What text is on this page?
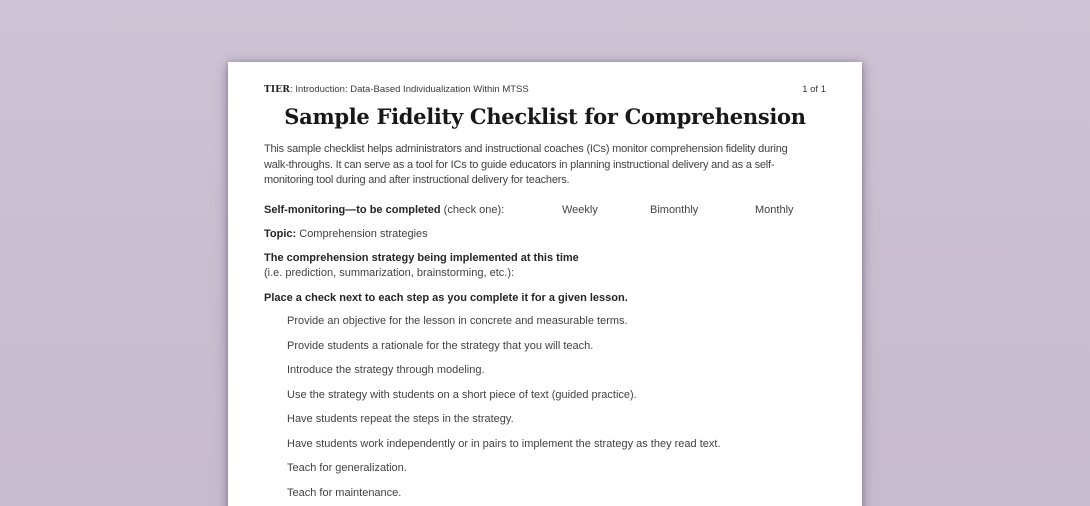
TIER: Introduction: Data-Based Individualization Within MTSS	1 of 1
Sample Fidelity Checklist for Comprehension
This sample checklist helps administrators and instructional coaches (ICs) monitor comprehension fidelity during
walk-throughs. It can serve as a tool for ICs to guide educators in planning instructional delivery and as a self-
monitoring tool during and after instructional delivery for teachers.
Self-monitoring—to be completed (check one):	Weekly	Bimonthly	Monthly
Topic: Comprehension strategies
The comprehension strategy being implemented at this time
(i.e. prediction, summarization, brainstorming, etc.):
Place a check next to each step as you complete it for a given lesson.
Provide an objective for the lesson in concrete and measurable terms.
Provide students a rationale for the strategy that you will teach.
Introduce the strategy through modeling.
Use the strategy with students on a short piece of text (guided practice).
Have students repeat the steps in the strategy.
Have students work independently or in pairs to implement the strategy as they read text.
Teach for generalization.
Teach for maintenance.
